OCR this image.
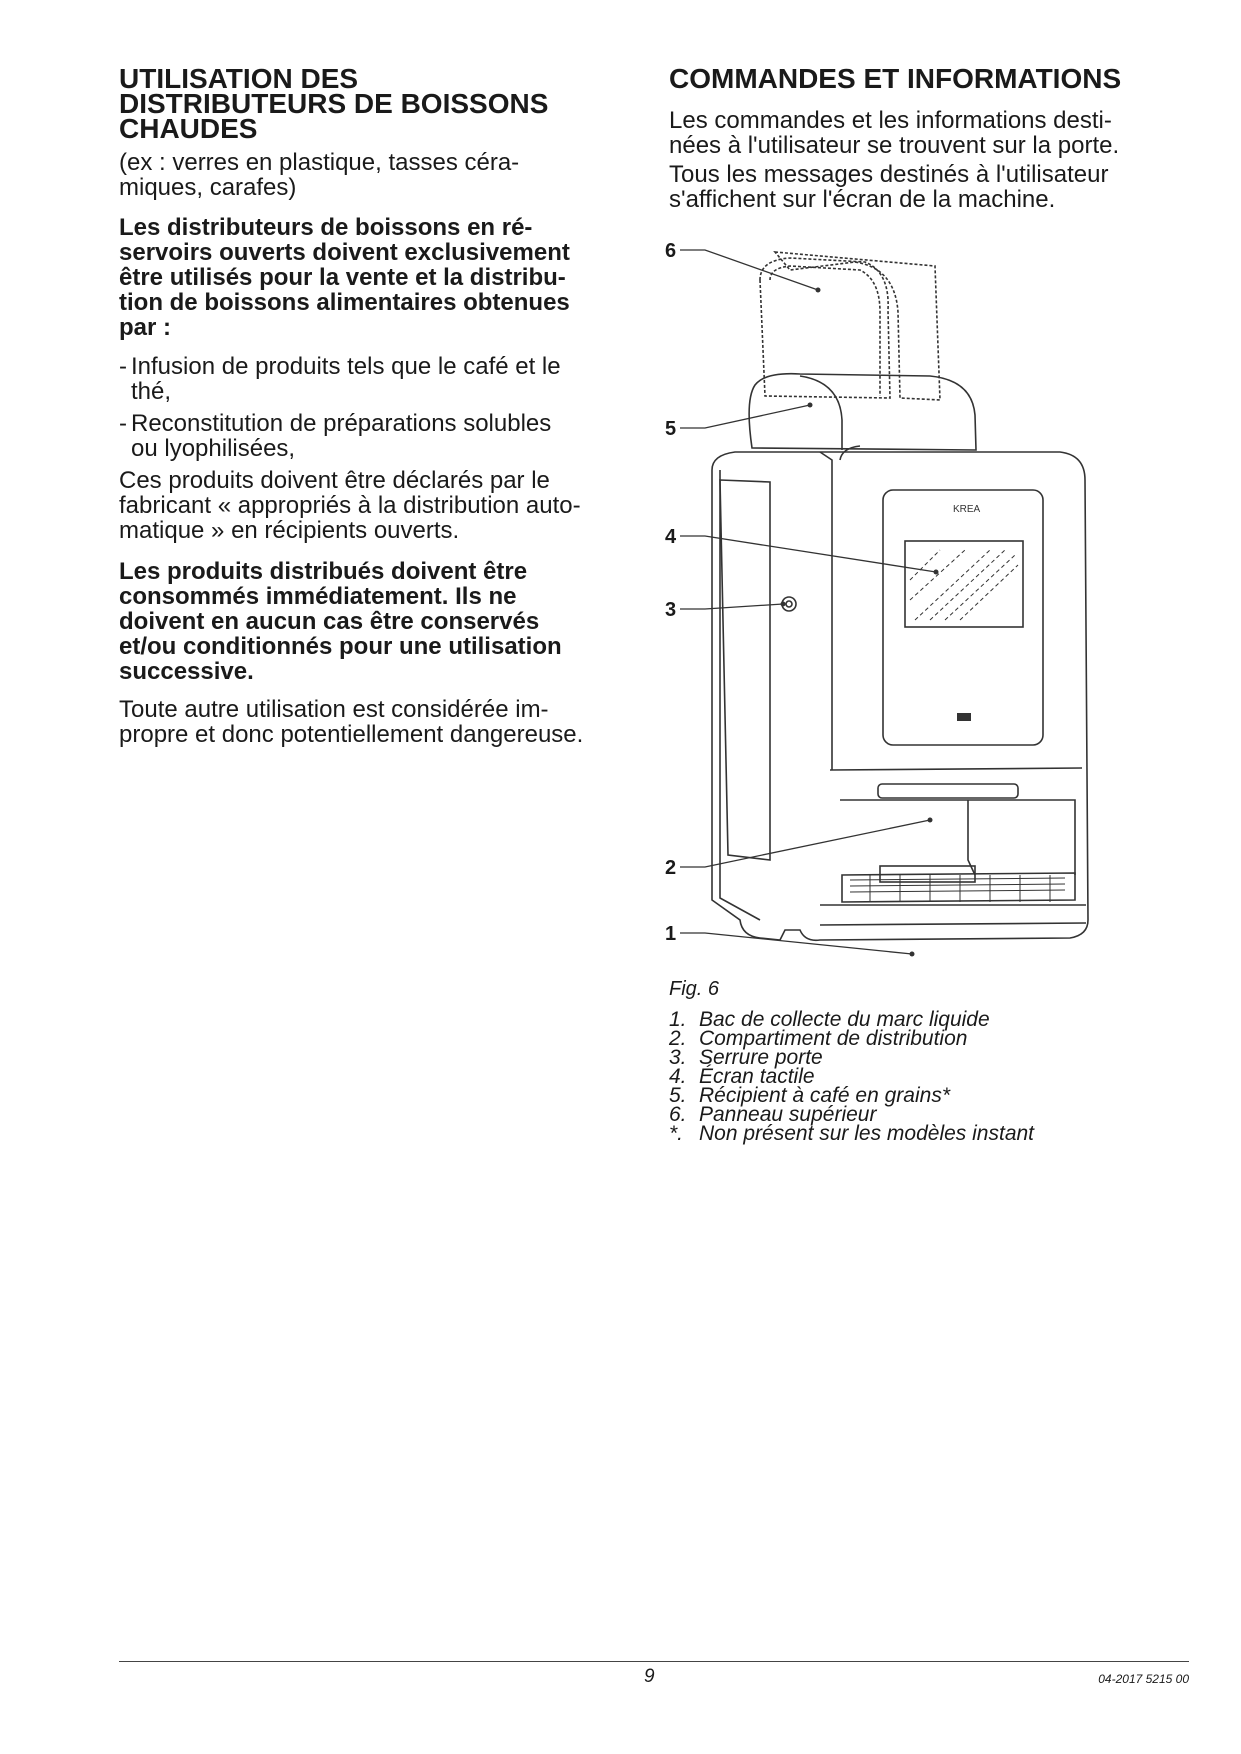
UTILISATION DES
DISTRIBUTEURS DE BOISSONS
CHAUDES

(ex : verres en plastique, tasses céra-
miques, carafes)

Les distributeurs de boissons en ré-
servoirs ouverts doivent exclusivement
être utilisés pour la vente et la distribu-
tion de boissons alimentaires obtenues
par :

- Infusion de produits tels que le café et le
thé,
- Reconstitution de préparations solubles
ou lyophilisées,

Ces produits doivent être déclarés par le
fabricant « appropriés à la distribution auto-
matique » en récipients ouverts.

Les produits distribués doivent être
consommés immédiatement. Ils ne
doivent en aucun cas être conservés
et/ou conditionnés pour une utilisation
successive.

Toute autre utilisation est considérée im-
propre et donc potentiellement dangereuse.

COMMANDES ET INFORMATIONS

Les commandes et les informations desti-
nées à l'utilisateur se trouvent sur la porte.

Tous les messages destinés à l'utilisateur
s'affichent sur l'écran de la machine.

KREA
6
5
4
3
2
1
Fig. 6
1. Bac de collecte du marc liquide
2. Compartiment de distribution
3. Serrure porte
4. Écran tactile
5. Récipient à café en grains*
6. Panneau supérieur
*. Non présent sur les modèles instant
9	04-2017 5215 00
